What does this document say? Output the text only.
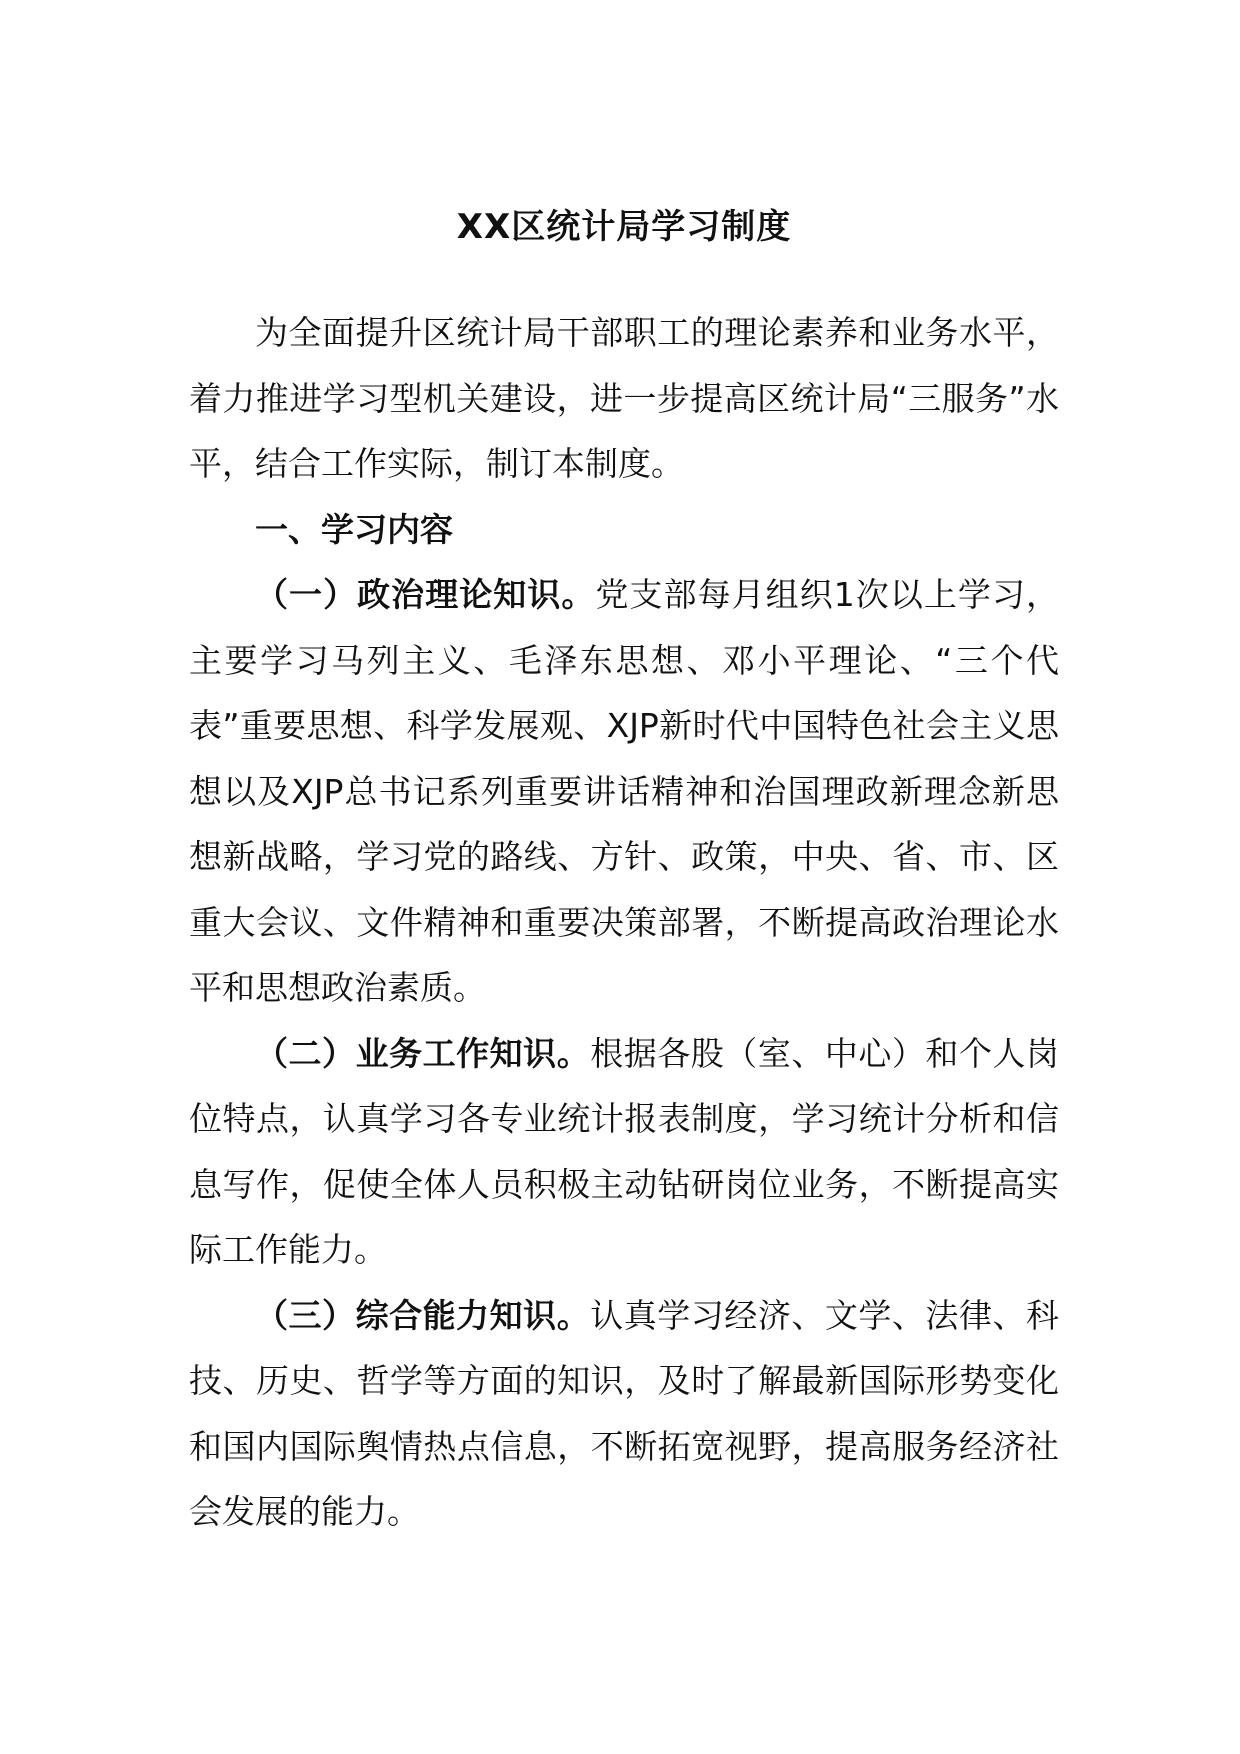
XX区统计局学习制度

为全面提升区统计局干部职工的理论素养和业务水平，着力推进学习型机关建设，进一步提高区统计局“三服务”水平，结合工作实际，制订本制度。

一、学习内容

（一）政治理论知识。党支部每月组织1次以上学习，主要学习马列主义、毛泽东思想、邓小平理论、“三个代表”重要思想、科学发展观、XJP新时代中国特色社会主义思想以及XJP总书记系列重要讲话精神和治国理政新理念新思想新战略，学习党的路线、方针、政策，中央、省、市、区重大会议、文件精神和重要决策部署，不断提高政治理论水平和思想政治素质。

（二）业务工作知识。根据各股（室、中心）和个人岗位特点，认真学习各专业统计报表制度，学习统计分析和信息写作，促使全体人员积极主动钻研岗位业务，不断提高实际工作能力。

（三）综合能力知识。认真学习经济、文学、法律、科技、历史、哲学等方面的知识，及时了解最新国际形势变化和国内国际舆情热点信息，不断拓宽视野，提高服务经济社会发展的能力。
